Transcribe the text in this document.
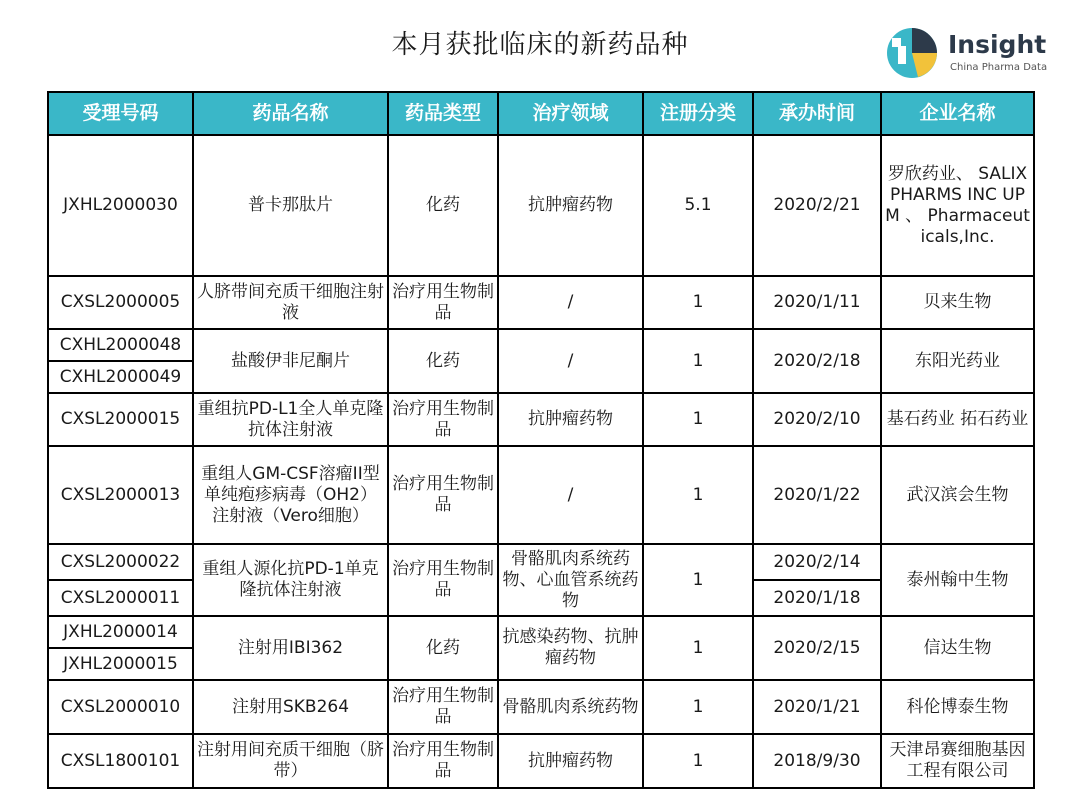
本月获批临床的新药品种	Insight
China Pharma Data
受理号码	药品名称	药品类型	治疗领域	注册分类	承办时间	企业名称
JXHL2000030	普卡那肽片	化药	抗肿瘤药物	5.1	2020/2/21	罗欣药业、 SALIX PHARMS INC UPM 、 Pharmaceuticals,Inc.
CXSL2000005	人脐带间充质干细胞注射液	治疗用生物制品	/	1	2020/1/11	贝来生物
CXHL2000048	盐酸伊非尼酮片	化药	/	1	2020/2/18	东阳光药业
CXHL2000049						
CXSL2000015	重组抗PD-L1全人单克隆抗体注射液	治疗用生物制品	抗肿瘤药物	1	2020/2/10	基石药业 拓石药业
CXSL2000013	重组人GM-CSF溶瘤II型单纯疱疹病毒（OH2）注射液（Vero细胞）	治疗用生物制品	/	1	2020/1/22	武汉滨会生物
CXSL2000022	重组人源化抗PD-1单克隆抗体注射液	治疗用生物制品	骨骼肌肉系统药物、心血管系统药物	1	2020/2/14	泰州翰中生物
CXSL2000011					2020/1/18	
JXHL2000014	注射用IBI362	化药	抗感染药物、抗肿瘤药物	1	2020/2/15	信达生物
JXHL2000015						
CXSL2000010	注射用SKB264	治疗用生物制品	骨骼肌肉系统药物	1	2020/1/21	科伦博泰生物
CXSL1800101	注射用间充质干细胞（脐带）	治疗用生物制品	抗肿瘤药物	1	2018/9/30	天津昂赛细胞基因工程有限公司
